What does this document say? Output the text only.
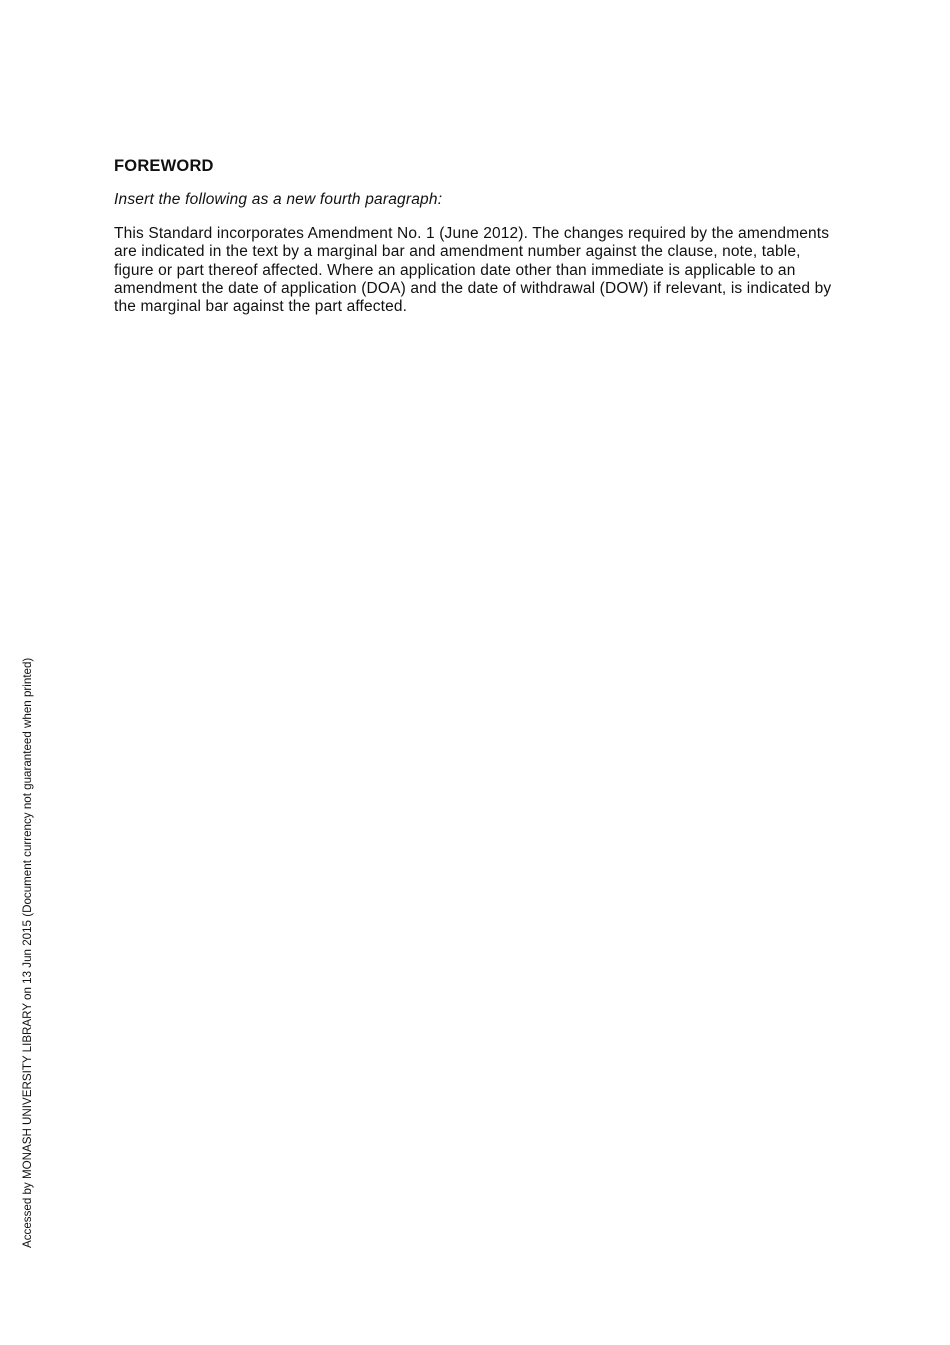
FOREWORD
Insert the following as a new fourth paragraph:

This Standard incorporates Amendment No. 1 (June 2012). The changes required by the amendments are indicated in the text by a marginal bar and amendment number against the clause, note, table, figure or part thereof affected. Where an application date other than immediate is applicable to an amendment the date of application (DOA) and the date of withdrawal (DOW) if relevant, is indicated by the marginal bar against the part affected.

Accessed by MONASH UNIVERSITY LIBRARY on 13 Jun 2015 (Document currency not guaranteed when printed)
